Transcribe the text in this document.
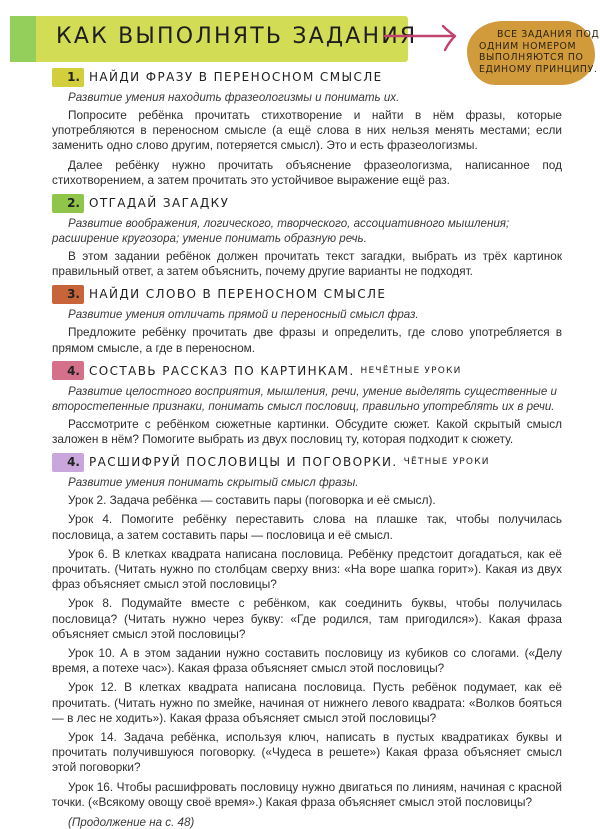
КАК ВЫПОЛНЯТЬ ЗАДАНИЯ	ВСЕ ЗАДАНИЯ ПОД
ОДНИМ НОМЕРОМ
ВЫПОЛНЯЮТСЯ ПО
ЕДИНОМУ ПРИНЦИПУ.
1. НАЙДИ ФРАЗУ В ПЕРЕНОСНОМ СМЫСЛЕ
Развитие умения находить фразеологизмы и понимать их.

Попросите ребёнка прочитать стихотворение и найти в нём фразы, которые употребляются в переносном смысле (а ещё слова в них нельзя менять местами; если заменить одно слово другим, потеряется смысл). Это и есть фразеологизмы.

Далее ребёнку нужно прочитать объяснение фразеологизма, написанное под стихотворением, а затем прочитать это устойчивое выражение ещё раз.

2. ОТГАДАЙ ЗАГАДКУ
Развитие воображения, логического, творческого, ассоциативного мышления; расширение кругозора; умение понимать образную речь.

В этом задании ребёнок должен прочитать текст загадки, выбрать из трёх картинок правильный ответ, а затем объяснить, почему другие варианты не подходят.

3. НАЙДИ СЛОВО В ПЕРЕНОСНОМ СМЫСЛЕ
Развитие умения отличать прямой и переносный смысл фраз.

Предложите ребёнку прочитать две фразы и определить, где слово употребляется в прямом смысле, а где в переносном.

4. СОСТАВЬ РАССКАЗ ПО КАРТИНКАМ. НЕЧЁТНЫЕ УРОКИ
Развитие целостного восприятия, мышления, речи, умение выделять существенные и второстепенные признаки, понимать смысл пословиц, правильно употреблять их в речи.

Рассмотрите с ребёнком сюжетные картинки. Обсудите сюжет. Какой скрытый смысл заложен в нём? Помогите выбрать из двух пословиц ту, которая подходит к сюжету.

4. РАСШИФРУЙ ПОСЛОВИЦЫ И ПОГОВОРКИ. ЧЁТНЫЕ УРОКИ
Развитие умения понимать скрытый смысл фразы.

Урок 2. Задача ребёнка — составить пары (поговорка и её смысл).

Урок 4. Помогите ребёнку переставить слова на плашке так, чтобы получилась пословица, а затем составить пары — пословица и её смысл.

Урок 6. В клетках квадрата написана пословица. Ребёнку предстоит догадаться, как её прочитать. (Читать нужно по столбцам сверху вниз: «На воре шапка горит»). Какая из двух фраз объясняет смысл этой пословицы?

Урок 8. Подумайте вместе с ребёнком, как соединить буквы, чтобы получилась пословица? (Читать нужно через букву: «Где родился, там пригодился»). Какая фраза объясняет смысл этой пословицы?

Урок 10. А в этом задании нужно составить пословицу из кубиков со слогами. («Делу время, а потехе час»). Какая фраза объясняет смысл этой пословицы?

Урок 12. В клетках квадрата написана пословица. Пусть ребёнок подумает, как её прочитать. (Читать нужно по змейке, начиная от нижнего левого квадрата: «Волков бояться — в лес не ходить»). Какая фраза объясняет смысл этой пословицы?

Урок 14. Задача ребёнка, используя ключ, написать в пустых квадратиках буквы и прочитать получившуюся поговорку. («Чудеса в решете») Какая фраза объясняет смысл этой поговорки?

Урок 16. Чтобы расшифровать пословицу нужно двигаться по линиям, начиная с красной точки. («Всякому овощу своё время».) Какая фраза объясняет смысл этой пословицы?

(Продолжение на с. 48)
